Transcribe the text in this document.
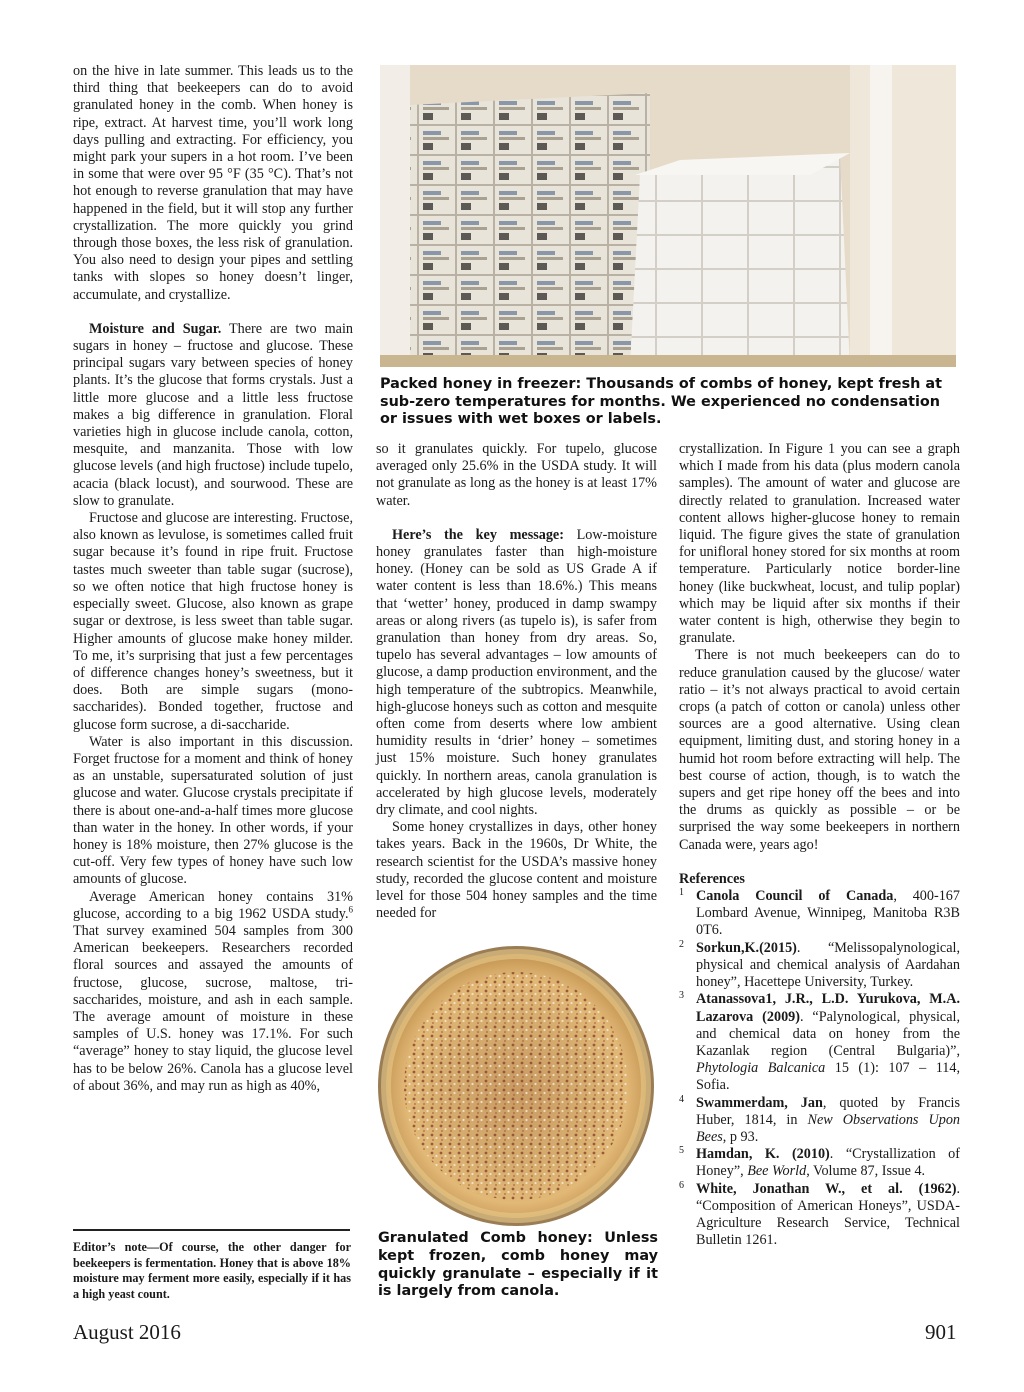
on the hive in late summer. This leads us to the third thing that beekeepers can do to avoid granulated honey in the comb. When honey is ripe, extract. At harvest time, you’ll work long days pulling and extracting. For efficiency, you might park your supers in a hot room. I’ve been in some that were over 95 °F (35 °C). That’s not hot enough to reverse granulation that may have happened in the field, but it will stop any further crystallization. The more quickly you grind through those boxes, the less risk of granulation. You also need to design your pipes and settling tanks with slopes so honey doesn’t linger, accumulate, and crystallize.

Moisture and Sugar. There are two main sugars in honey – fructose and glucose. These principal sugars vary between species of honey plants. It’s the glucose that forms crystals. Just a little more glucose and a little less fructose makes a big difference in granulation. Floral varieties high in glucose include canola, cotton, mesquite, and manzanita. Those with low glucose levels (and high fructose) include tupelo, acacia (black locust), and sourwood. These are slow to granulate.

Fructose and glucose are interesting. Fructose, also known as levulose, is sometimes called fruit sugar because it’s found in ripe fruit. Fructose tastes much sweeter than table sugar (sucrose), so we often notice that high fructose honey is especially sweet. Glucose, also known as grape sugar or dextrose, is less sweet than table sugar. Higher amounts of glucose make honey milder. To me, it’s surprising that just a few percentages of difference changes honey’s sweetness, but it does. Both are simple sugars (mono-saccharides). Bonded together, fructose and glucose form sucrose, a di-saccharide.

Water is also important in this discussion. Forget fructose for a moment and think of honey as an unstable, supersaturated solution of just glucose and water. Glucose crystals precipitate if there is about one-and-a-half times more glucose than water in the honey. In other words, if your honey is 18% moisture, then 27% glucose is the cut-off. Very few types of honey have such low amounts of glucose.

Average American honey contains 31% glucose, according to a big 1962 USDA study.$^6$ That survey examined 504 samples from 300 American beekeepers. Researchers recorded floral sources and assayed the amounts of fructose, glucose, sucrose, maltose, tri-saccharides, moisture, and ash in each sample. The average amount of moisture in these samples of U.S. honey was 17.1%. For such “average” honey to stay liquid, the glucose level has to be below 26%. Canola has a glucose level of about 36%, and may run as high as 40%,

Editor’s note—Of course, the other danger for beekeepers is fermentation. Honey that is above 18% moisture may ferment more easily, especially if it has a high yeast count.
Packed honey in freezer: Thousands of combs of honey, kept fresh at sub-zero temperatures for months. We experienced no condensation or issues with wet boxes or labels.

so it granulates quickly. For tupelo, glucose averaged only 25.6% in the USDA study. It will not granulate as long as the honey is at least 17% water.

Here’s the key message: Low-moisture honey granulates faster than high-moisture honey. (Honey can be sold as US Grade A if water content is less than 18.6%.) This means that ‘wetter’ honey, produced in damp swampy areas or along rivers (as tupelo is), is safer from granulation than honey from dry areas. So, tupelo has several advantages – low amounts of glucose, a damp production environment, and the high temperature of the subtropics. Meanwhile, high-glucose honeys such as cotton and mesquite often come from deserts where low ambient humidity results in ‘drier’ honey – sometimes just 15% moisture. Such honey granulates quickly. In northern areas, canola granulation is accelerated by high glucose levels, moderately dry climate, and cool nights.

Some honey crystallizes in days, other honey takes years. Back in the 1960s, Dr White, the research scientist for the USDA’s massive honey study, recorded the glucose content and moisture level for those 504 honey samples and the time needed for

Granulated Comb honey: Unless kept frozen, comb honey may quickly granulate – especially if it is largely from canola.

crystallization. In Figure 1 you can see a graph which I made from his data (plus modern canola samples). The amount of water and glucose are directly related to granulation. Increased water content allows higher-glucose honey to remain liquid. The figure gives the state of granulation for unifloral honey stored for six months at room temperature. Particularly notice border-line honey (like buckwheat, locust, and tulip poplar) which may be liquid after six months if their water content is high, otherwise they begin to granulate.

There is not much beekeepers can do to reduce granulation caused by the glucose/ water ratio – it’s not always practical to avoid certain crops (a patch of cotton or canola) unless other sources are a good alternative. Using clean equipment, limiting dust, and storing honey in a humid hot room before extracting will help. The best course of action, though, is to watch the supers and get ripe honey off the bees and into the drums as quickly as possible – or be surprised the way some beekeepers in northern Canada were, years ago!

References

1 Canola Council of Canada, 400-167 Lombard Avenue, Winnipeg, Manitoba R3B 0T6.

2 Sorkun,K.(2015). “Melissopalynological, physical and chemical analysis of Aardahan honey”, Hacettepe University, Turkey.

3 Atanassova1, J.R., L.D. Yurukova, M.A. Lazarova (2009). “Palynological, physical, and chemical data on honey from the Kazanlak region (Central Bulgaria)”, Phytologia Balcanica 15 (1): 107 – 114, Sofia.

4 Swammerdam, Jan, quoted by Francis Huber, 1814, in New Observations Upon Bees, p 93.

5 Hamdan, K. (2010). “Crystallization of Honey”, Bee World, Volume 87, Issue 4.

6 White, Jonathan W., et al. (1962). “Composition of American Honeys”, USDA-Agriculture Research Service, Technical Bulletin 1261.

August 2016	901
